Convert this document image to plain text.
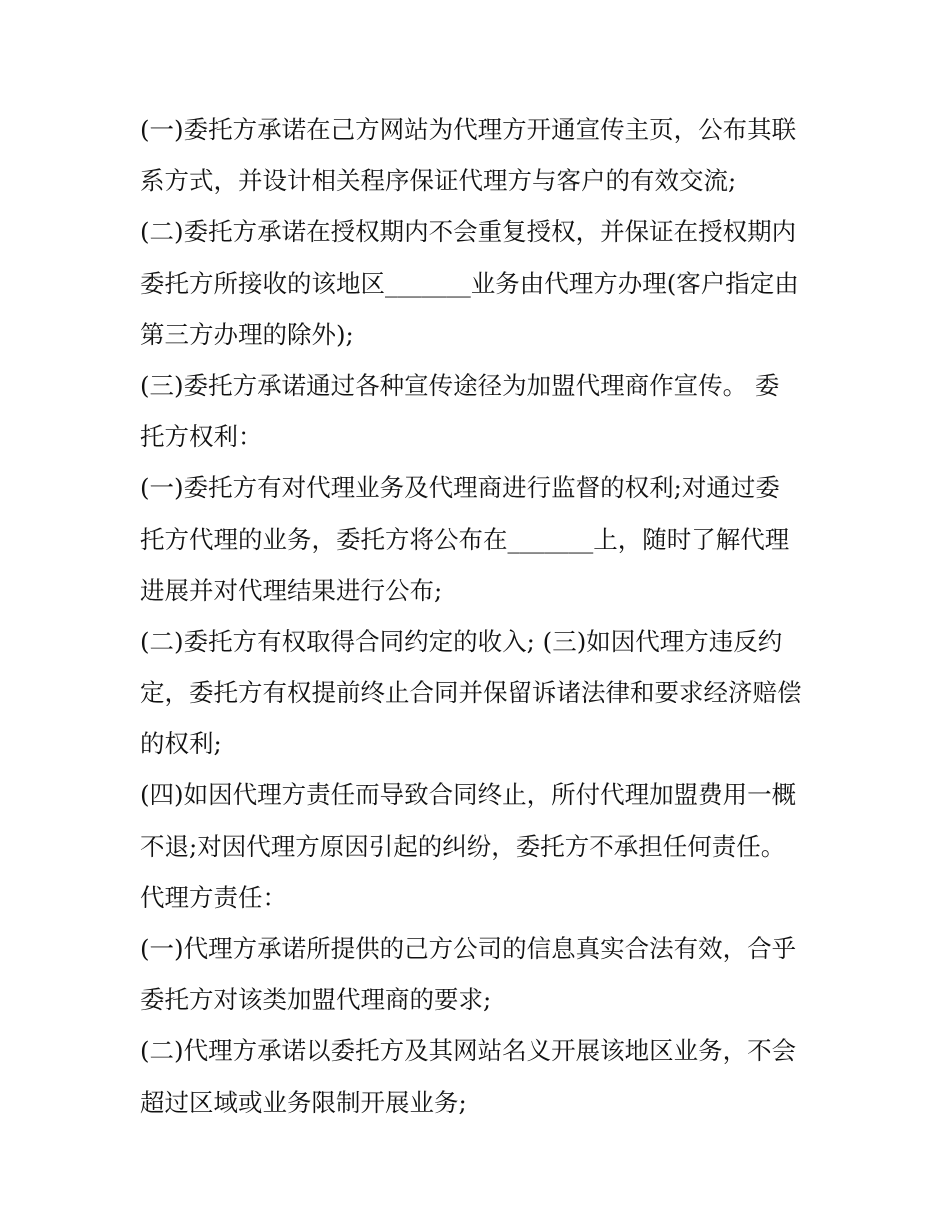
(一)委托方承诺在己方网站为代理方开通宣传主页，公布其联
系方式，并设计相关程序保证代理方与客户的有效交流;
(二)委托方承诺在授权期内不会重复授权，并保证在授权期内
委托方所接收的该地区_______业务由代理方办理(客户指定由
第三方办理的除外);
(三)委托方承诺通过各种宣传途径为加盟代理商作宣传。 委
托方权利：
(一)委托方有对代理业务及代理商进行监督的权利;对通过委
托方代理的业务，委托方将公布在_______上，随时了解代理
进展并对代理结果进行公布;
(二)委托方有权取得合同约定的收入; (三)如因代理方违反约
定，委托方有权提前终止合同并保留诉诸法律和要求经济赔偿
的权利;
(四)如因代理方责任而导致合同终止，所付代理加盟费用一概
不退;对因代理方原因引起的纠纷，委托方不承担任何责任。
代理方责任：
(一)代理方承诺所提供的己方公司的信息真实合法有效，合乎
委托方对该类加盟代理商的要求;
(二)代理方承诺以委托方及其网站名义开展该地区业务，不会
超过区域或业务限制开展业务;
